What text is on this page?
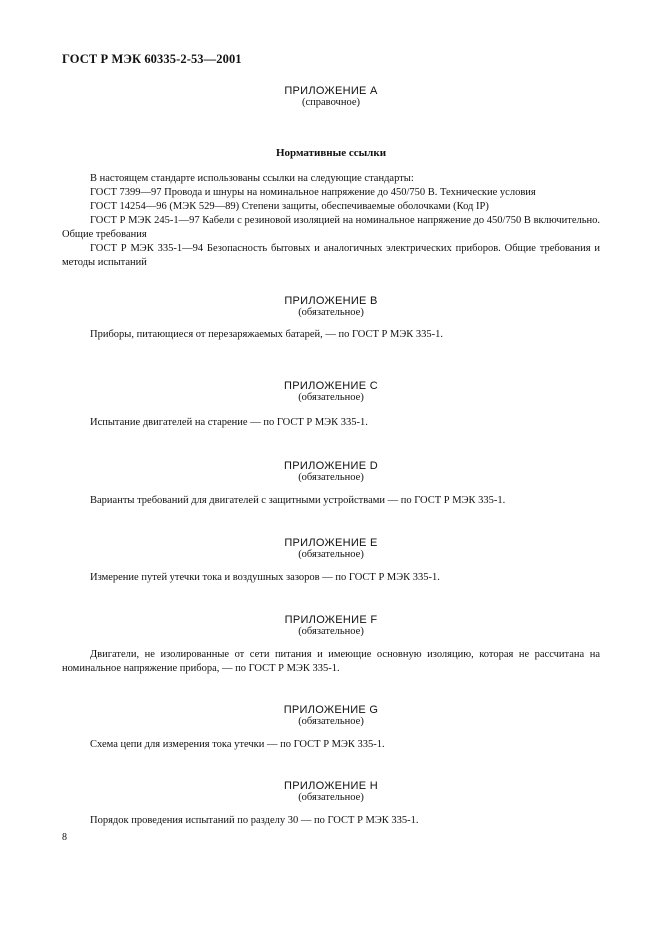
ГОСТ Р МЭК 60335-2-53—2001
ПРИЛОЖЕНИЕ А
(справочное)
Нормативные ссылки

В настоящем стандарте использованы ссылки на следующие стандарты:

ГОСТ 7399—97 Провода и шнуры на номинальное напряжение до 450/750 В. Технические условия

ГОСТ 14254—96 (МЭК 529—89) Степени защиты, обеспечиваемые оболочками (Код IP)

ГОСТ Р МЭК 245-1—97 Кабели с резиновой изоляцией на номинальное напряжение до 450/750 В включительно. Общие требования

ГОСТ Р МЭК 335-1—94 Безопасность бытовых и аналогичных электрических приборов. Общие требования и методы испытаний

ПРИЛОЖЕНИЕ В
(обязательное)

Приборы, питающиеся от перезаряжаемых батарей, — по ГОСТ Р МЭК 335-1.

ПРИЛОЖЕНИЕ С
(обязательное)

Испытание двигателей на старение — по ГОСТ Р МЭК 335-1.

ПРИЛОЖЕНИЕ D
(обязательное)

Варианты требований для двигателей с защитными устройствами — по ГОСТ Р МЭК 335-1.

ПРИЛОЖЕНИЕ Е
(обязательное)

Измерение путей утечки тока и воздушных зазоров — по ГОСТ Р МЭК 335-1.

ПРИЛОЖЕНИЕ F
(обязательное)

Двигатели, не изолированные от сети питания и имеющие основную изоляцию, которая не рассчитана на номинальное напряжение прибора, — по ГОСТ Р МЭК 335-1.

ПРИЛОЖЕНИЕ G
(обязательное)

Схема цепи для измерения тока утечки — по ГОСТ Р МЭК 335-1.

ПРИЛОЖЕНИЕ Н
(обязательное)

Порядок проведения испытаний по разделу 30 — по ГОСТ Р МЭК 335-1.

8
